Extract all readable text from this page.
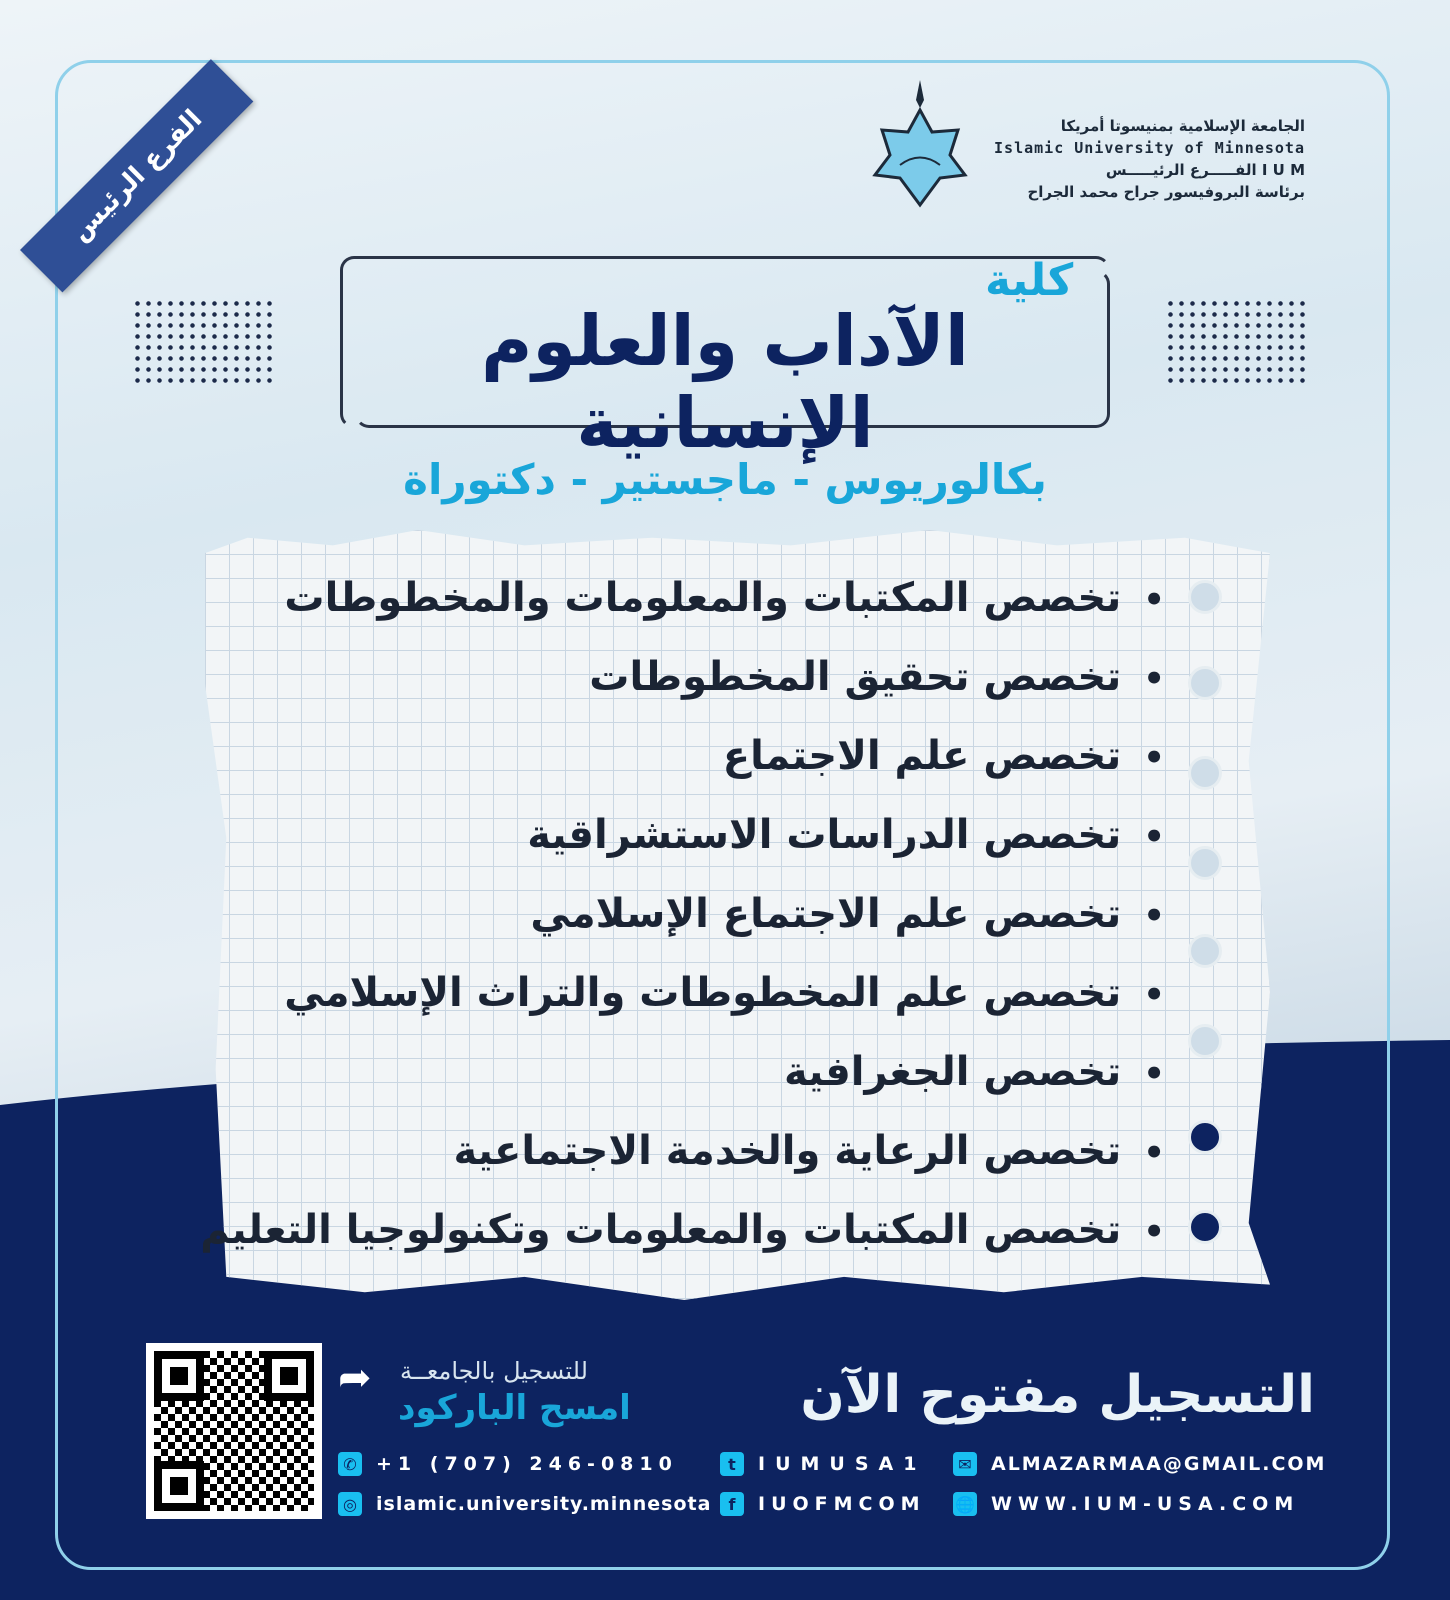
الفرع الرئيس	الجامعة الإسلامية بمنيسوتا أمريكا
Islamic University of Minnesota
I U M الفـــــرع الرئيـــــس
برئاسة البروفيسور جراح محمد الجراح
كلية
الآداب والعلوم الإنسانية
بكالوريوس - ماجستير - دكتوراة
• تخصص المكتبات والمعلومات والمخطوطات
• تخصص تحقيق المخطوطات
• تخصص علم الاجتماع
• تخصص الدراسات الاستشراقية
• تخصص علم الاجتماع الإسلامي
• تخصص علم المخطوطات والتراث الإسلامي
• تخصص الجغرافية
• تخصص الرعاية والخدمة الاجتماعية
• تخصص المكتبات والمعلومات وتكنولوجيا التعليم
التسجيل مفتوح الآن
للتسجيل بالجامعــة
امسح الباركود
➦
✆ +1 (707) 246-0810	t	IUMUSA1	✉ ALMAZARMAA@GMAIL.COM
◎ islamic.university.minnesota	f	IUOFMCOM 🌐 WWW.IUM-USA.COM
